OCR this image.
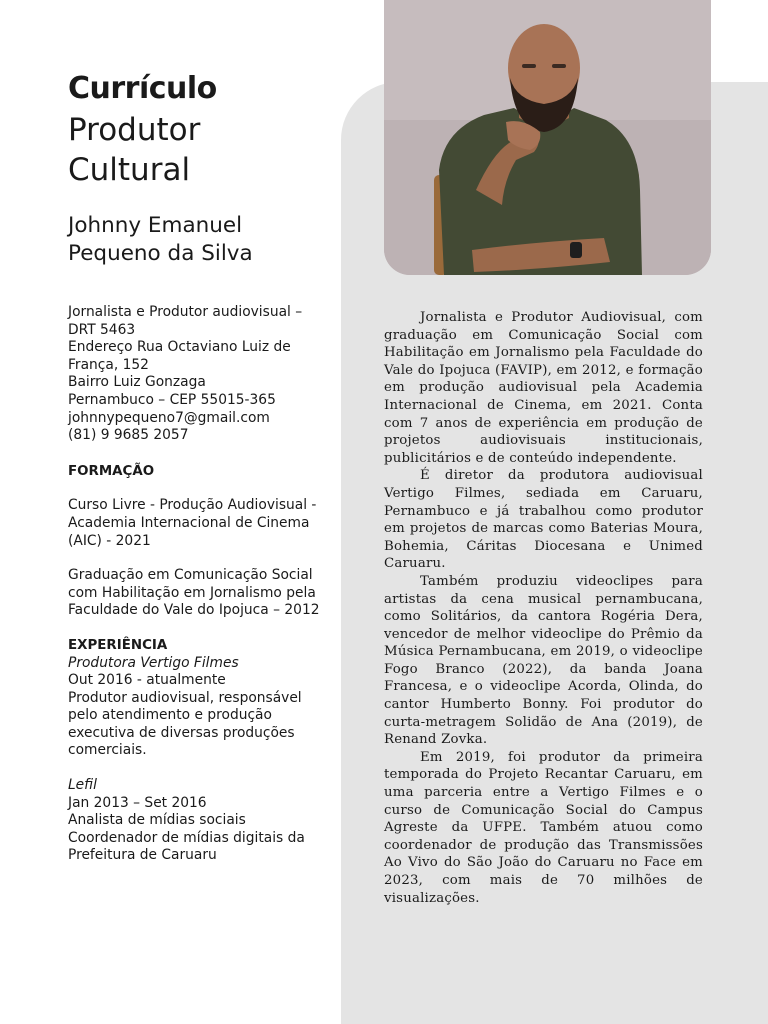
Currículo
Produtor Cultural
Johnny Emanuel Pequeno da Silva

Jornalista e Produtor audiovisual – DRT 5463

Endereço Rua Octaviano Luiz de França, 152

Bairro Luiz Gonzaga

Pernambuco – CEP 55015-365

johnnypequeno7@gmail.com

(81) 9 9685 2057

FORMAÇÃO

Curso Livre - Produção Audiovisual - Academia Internacional de Cinema (AIC) - 2021

Graduação em Comunicação Social com Habilitação em Jornalismo pela Faculdade do Vale do Ipojuca – 2012

EXPERIÊNCIA

Produtora Vertigo Filmes

Out 2016 - atualmente

Produtor audiovisual, responsável pelo atendimento e produção executiva de diversas produções comerciais.

Lefil

Jan 2013 – Set 2016

Analista de mídias sociais Coordenador de mídias digitais da Prefeitura de Caruaru

Jornalista e Produtor Audiovisual, com graduação em Comunicação Social com Habilitação em Jornalismo pela Faculdade do Vale do Ipojuca (FAVIP), em 2012, e formação em produção audiovisual pela Academia Internacional de Cinema, em 2021. Conta com 7 anos de experiência em produção de projetos audiovisuais institucionais, publicitários e de conteúdo independente.

É diretor da produtora audiovisual Vertigo Filmes, sediada em Caruaru, Pernambuco e já trabalhou como produtor em projetos de marcas como Baterias Moura, Bohemia, Cáritas Diocesana e Unimed Caruaru.

Também produziu videoclipes para artistas da cena musical pernambucana, como Solitários, da cantora Rogéria Dera, vencedor de melhor videoclipe do Prêmio da Música Pernambucana, em 2019, o videoclipe Fogo Branco (2022), da banda Joana Francesa, e o videoclipe Acorda, Olinda, do cantor Humberto Bonny. Foi produtor do curta-metragem Solidão de Ana (2019), de Renand Zovka.

Em 2019, foi produtor da primeira temporada do Projeto Recantar Caruaru, em uma parceria entre a Vertigo Filmes e o curso de Comunicação Social do Campus Agreste da UFPE. Também atuou como coordenador de produção das Transmissões Ao Vivo do São João do Caruaru no Face em 2023, com mais de 70 milhões de visualizações.
